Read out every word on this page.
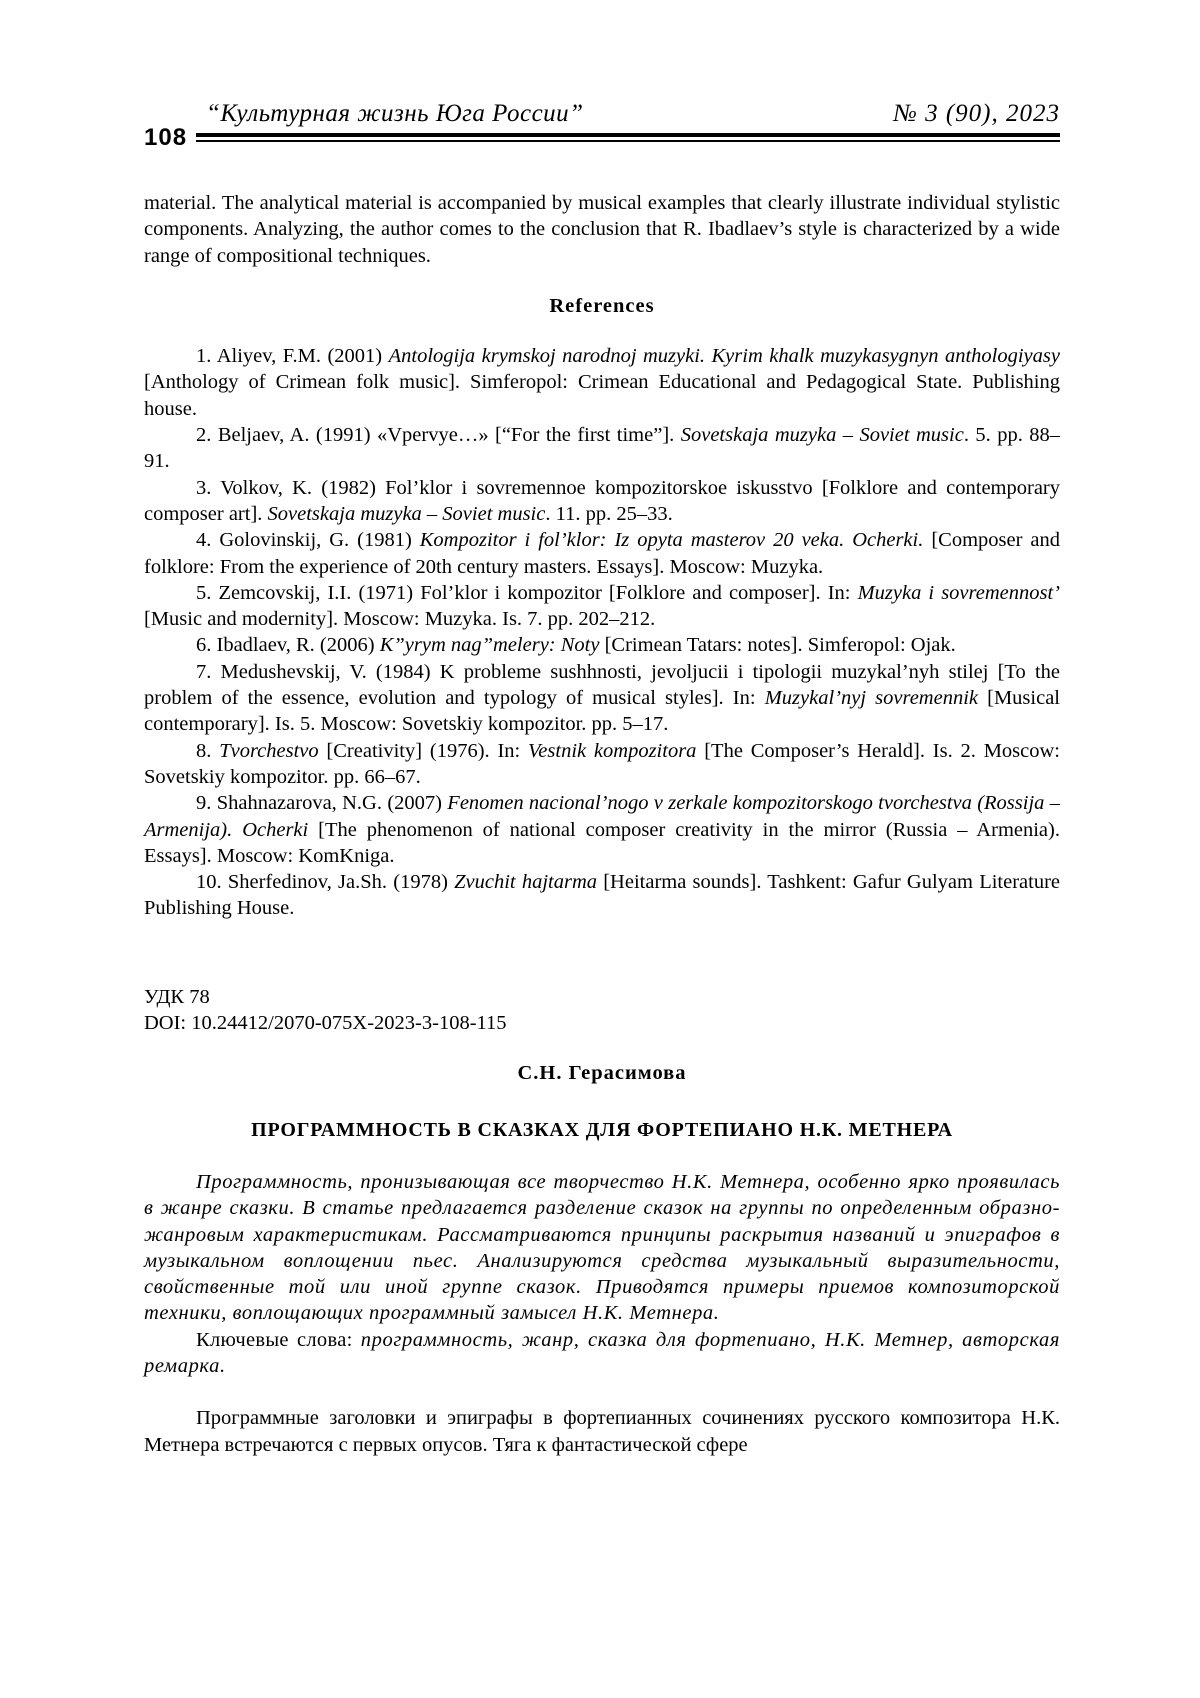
“Культурная жизнь Юга России”	№ 3 (90), 2023
108

material. The analytical material is accompanied by musical examples that clearly illustrate individual stylistic components. Analyzing, the author comes to the conclusion that R. Ibadlaev’s style is characterized by a wide range of compositional techniques.

References

1. Aliyev, F.M. (2001) Antologija krymskoj narodnoj muzyki. Kyrim khalk muzykasygnyn anthologiyasy [Anthology of Crimean folk music]. Simferopol: Crimean Educational and Pedagogical State. Publishing house.

2. Beljaev, A. (1991) «Vpervye…» [“For the first time”]. Sovetskaja muzyka – Soviet music. 5. pp. 88–91.

3. Volkov, K. (1982) Fol’klor i sovremennoe kompozitorskoe iskusstvo [Folklore and contemporary composer art]. Sovetskaja muzyka – Soviet music. 11. pp. 25–33.

4. Golovinskij, G. (1981) Kompozitor i fol’klor: Iz opyta masterov 20 veka. Ocherki. [Composer and folklore: From the experience of 20th century masters. Essays]. Moscow: Muzyka.

5. Zemcovskij, I.I. (1971) Fol’klor i kompozitor [Folklore and composer]. In: Muzyka i sovremennost’ [Music and modernity]. Moscow: Muzyka. Is. 7. pp. 202–212.

6. Ibadlaev, R. (2006) K”yrym nag”melery: Noty [Crimean Tatars: notes]. Simferopol: Ojak.

7. Medushevskij, V. (1984) K probleme sushhnosti, jevoljucii i tipologii muzykal’nyh stilej [To the problem of the essence, evolution and typology of musical styles]. In: Muzykal’nyj sovremennik [Musical contemporary]. Is. 5. Moscow: Sovetskiy kompozitor. pp. 5–17.

8. Tvorchestvo [Creativity] (1976). In: Vestnik kompozitora [The Composer’s Herald]. Is. 2. Moscow: Sovetskiy kompozitor. pp. 66–67.

9. Shahnazarova, N.G. (2007) Fenomen nacional’nogo v zerkale kompozitorskogo tvorchestva (Rossija – Armenija). Ocherki [The phenomenon of national composer creativity in the mirror (Russia – Armenia). Essays]. Moscow: KomKniga.

10. Sherfedinov, Ja.Sh. (1978) Zvuchit hajtarma [Heitarma sounds]. Tashkent: Gafur Gulyam Literature Publishing House.

УДК 78

DOI: 10.24412/2070-075X-2023-3-108-115

С.Н. Герасимова

ПРОГРАММНОСТЬ В СКАЗКАХ ДЛЯ ФОРТЕПИАНО Н.К. МЕТНЕРА

Программность, пронизывающая все творчество Н.К. Метнера, особенно ярко проявилась в жанре сказки. В статье предлагается разделение сказок на группы по определенным образно-жанровым характеристикам. Рассматриваются принципы раскрытия названий и эпиграфов в музыкальном воплощении пьес. Анализируются средства музыкальный выразительности, свойственные той или иной группе сказок. Приводятся примеры приемов композиторской техники, воплощающих программный замысел Н.К. Метнера.

Ключевые слова: программность, жанр, сказка для фортепиано, Н.К. Метнер, авторская ремарка.

Программные заголовки и эпиграфы в фортепианных сочинениях русского композитора Н.К. Метнера встречаются с первых опусов. Тяга к фантастической сфере
